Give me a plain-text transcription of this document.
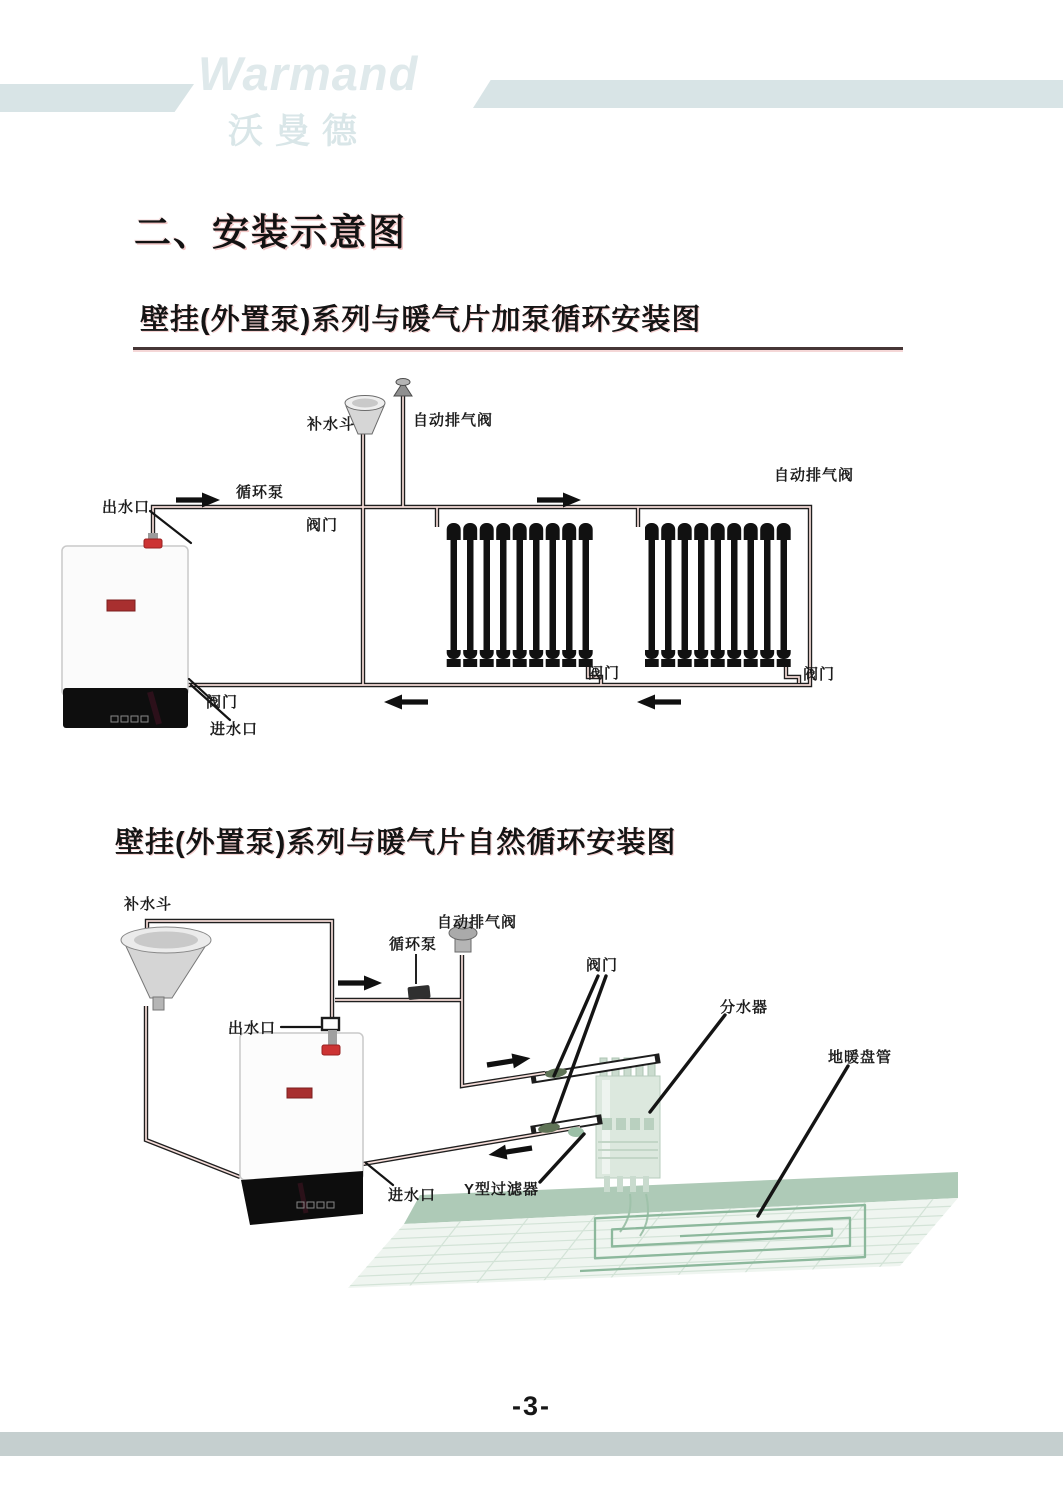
Warmand
沃曼德
二、安装示意图
壁挂(外置泵)系列与暖气片加泵循环安装图
补水斗	自动排气阀
循环泵
出水口
阀门
自动排气阀
阀门	阀门
阀门
进水口
壁挂(外置泵)系列与暖气片自然循环安装图
补水斗
自动排气阀
循环泵
出水口
阀门
分水器
地暖盘管
Y型过滤器
进水口
-3-
